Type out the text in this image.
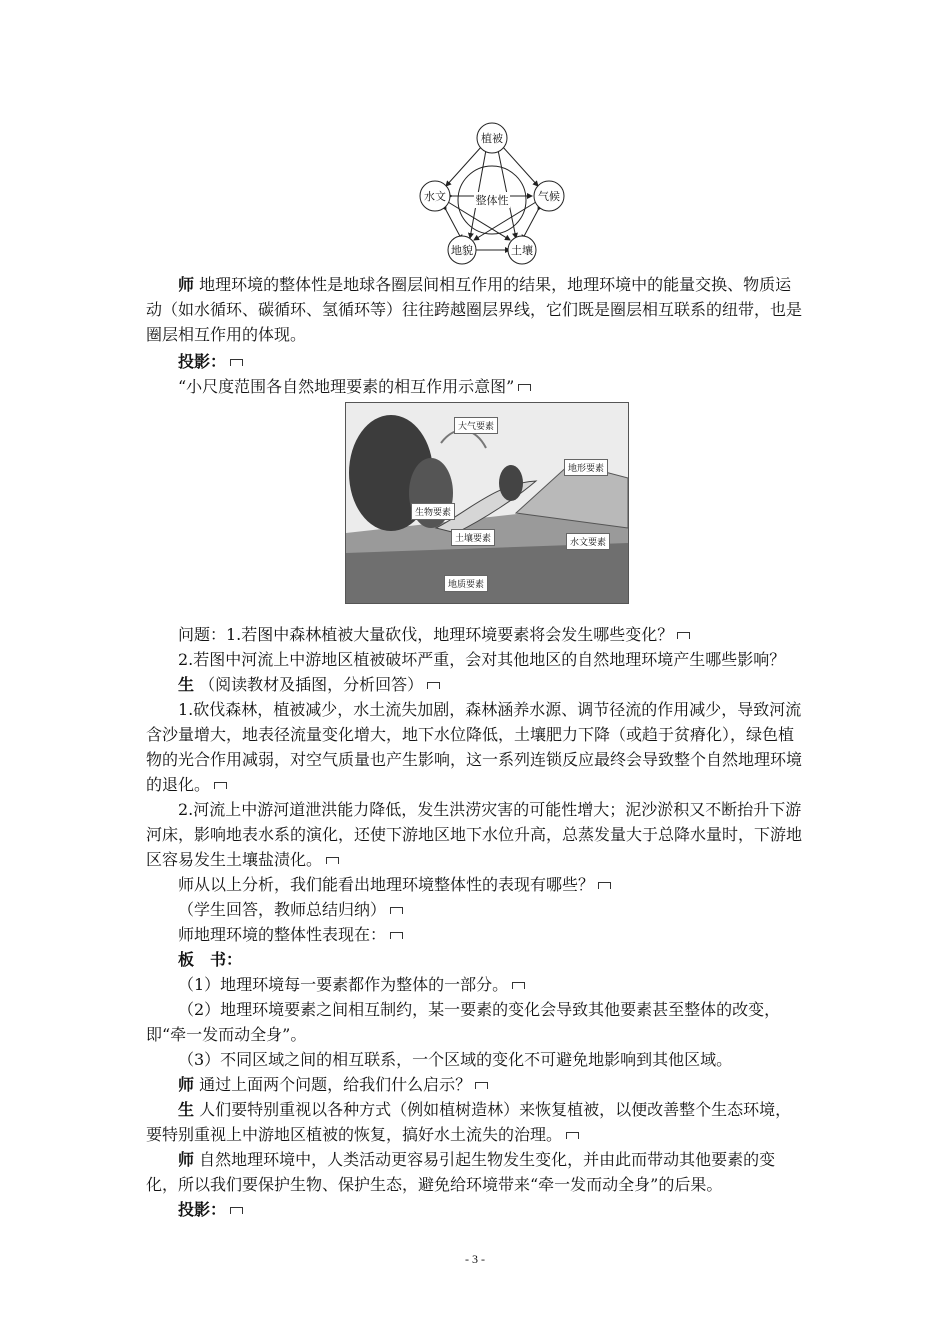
植被
水文	气候
地貌	土壤
整体性

师 地理环境的整体性是地球各圈层间相互作用的结果，地理环境中的能量交换、物质运动（如水循环、碳循环、氢循环等）往往跨越圈层界线，它们既是圈层相互联系的纽带，也是圈层相互作用的体现。

投影：

“小尺度范围各自然地理要素的相互作用示意图”

大气要素
地形要素
生物要素
土壤要素	水文要素
地质要素

问题：1.若图中森林植被大量砍伐，地理环境要素将会发生哪些变化？

2.若图中河流上中游地区植被破坏严重，会对其他地区的自然地理环境产生哪些影响？

生 （阅读教材及插图，分析回答）

1.砍伐森林，植被减少，水土流失加剧，森林涵养水源、调节径流的作用减少，导致河流含沙量增大，地表径流量变化增大，地下水位降低，土壤肥力下降（或趋于贫瘠化），绿色植物的光合作用减弱，对空气质量也产生影响，这一系列连锁反应最终会导致整个自然地理环境的退化。

2.河流上中游河道泄洪能力降低，发生洪涝灾害的可能性增大；泥沙淤积又不断抬升下游河床，影响地表水系的演化，还使下游地区地下水位升高，总蒸发量大于总降水量时，下游地区容易发生土壤盐渍化。

师从以上分析，我们能看出地理环境整体性的表现有哪些？

（学生回答，教师总结归纳）

师地理环境的整体性表现在：

板　书：

（1）地理环境每一要素都作为整体的一部分。

（2）地理环境要素之间相互制约，某一要素的变化会导致其他要素甚至整体的改变，即“牵一发而动全身”。

（3）不同区域之间的相互联系，一个区域的变化不可避免地影响到其他区域。

师 通过上面两个问题，给我们什么启示？

生 人们要特别重视以各种方式（例如植树造林）来恢复植被，以便改善整个生态环境，要特别重视上中游地区植被的恢复，搞好水土流失的治理。

师 自然地理环境中，人类活动更容易引起生物发生变化，并由此而带动其他要素的变化，所以我们要保护生物、保护生态，避免给环境带来“牵一发而动全身”的后果。

投影：

- 3 -
